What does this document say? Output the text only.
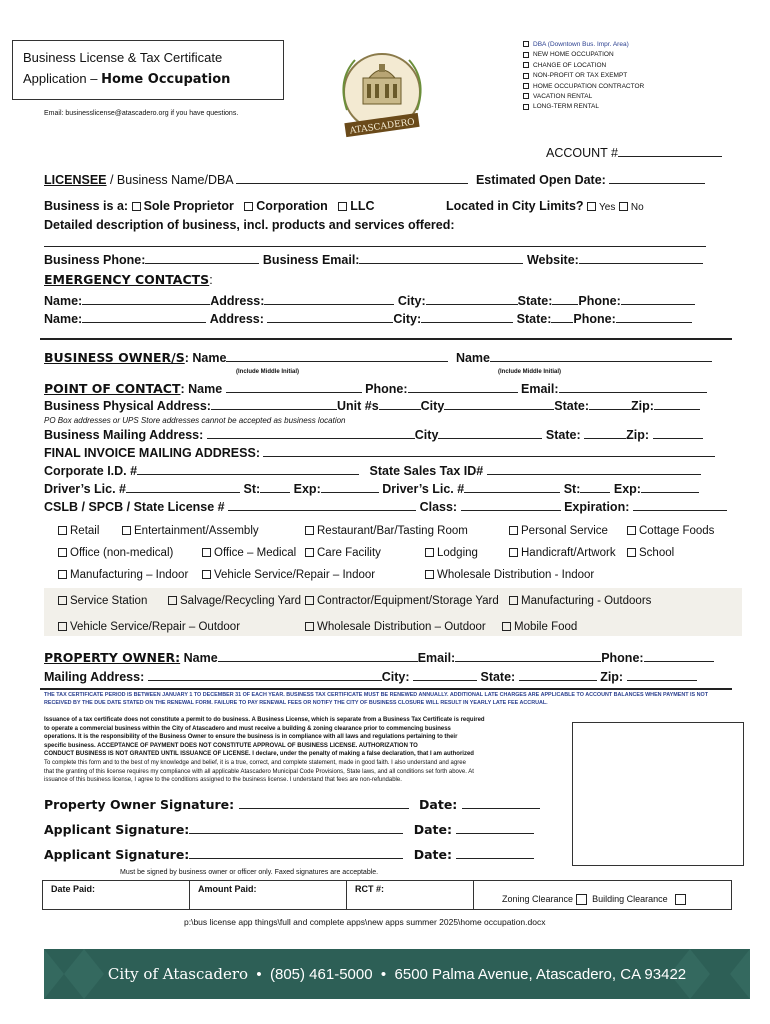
Business License & Tax Certificate
Application – Home Occupation
Email: businesslicense@atascadero.org if you have questions.
ATASCADERO
DBA (Downtown Bus. Impr. Area)
NEW HOME OCCUPATION
CHANGE OF LOCATION
NON-PROFIT OR TAX EXEMPT
HOME OCCUPATION CONTRACTOR
VACATION RENTAL
LONG-TERM RENTAL
ACCOUNT #
LICENSEE / Business Name/DBA	Estimated Open Date:
Business is a: Sole Proprietor Corporation LLC	Located in City Limits? Yes No
Detailed description of business, incl. products and services offered:
Business Phone:	Business Email:	Website:
EMERGENCY CONTACTS:
Name:	Address:	City:	State: Phone:
Name:	Address:	City:	State: Phone:
BUSINESS OWNER/S: Name	Name
(Include Middle Initial)	(Include Middle Initial)
POINT OF CONTACT: Name	Phone:	Email:
Business Physical Address:	Unit #s	City	State:	Zip:
PO Box addresses or UPS Store addresses cannot be accepted as business location
Business Mailing Address:	City	State:	Zip:
FINAL INVOICE MAILING ADDRESS:
Corporate I.D. #	State Sales Tax ID#
Driver’s Lic. #	St:	Exp:	Driver’s Lic. #	St:	Exp:
CSLB / SPCB / State License #	Class:	Expiration:
Retail	Entertainment/Assembly	Restaurant/Bar/Tasting Room	Personal Service	Cottage Foods
Office (non-medical)	Office – Medical	Care Facility	Lodging	Handicraft/Artwork	School
Manufacturing – Indoor	Vehicle Service/Repair – Indoor	Wholesale Distribution - Indoor
Service Station	Salvage/Recycling Yard	Contractor/Equipment/Storage Yard	Manufacturing - Outdoors
Vehicle Service/Repair – Outdoor	Wholesale Distribution – Outdoor	Mobile Food
PROPERTY OWNER: Name	Email:	Phone:
Mailing Address:	City:	State:	Zip:
THE TAX CERTIFICATE PERIOD IS BETWEEN JANUARY 1 TO DECEMBER 31 OF EACH YEAR. BUSINESS TAX CERTIFICATE MUST BE RENEWED ANNUALLY. ADDITIONAL LATE CHARGES ARE APPLICABLE TO ACCOUNT BALANCES WHEN PAYMENT IS NOT RECEIVED BY THE DUE DATE STATED ON THE RENEWAL FORM. FAILURE TO PAY RENEWAL FEES OR NOTIFY THE CITY OF BUSINESS CLOSURE WILL RESULT IN YEARLY LATE FEE ACCRUAL.
Issuance of a tax certificate does not constitute a permit to do business. A Business License, which is separate from a Business Tax Certificate is required
to operate a commercial business within the City of Atascadero and must receive a building & zoning clearance prior to commencing business
operations. It is the responsibility of the Business Owner to ensure the business is in compliance with all laws and regulations pertaining to their
specific business. ACCEPTANCE OF PAYMENT DOES NOT CONSTITUTE APPROVAL OF BUSINESS LICENSE. AUTHORIZATION TO
CONDUCT BUSINESS IS NOT GRANTED UNTIL ISSUANCE OF LICENSE. I declare, under the penalty of making a false declaration, that I am authorized
To complete this form and to the best of my knowledge and belief, it is a true, correct, and complete statement, made in good faith. I also understand and agree
that the granting of this license requires my compliance with all applicable Atascadero Municipal Code Provisions, State laws, and all conditions set forth above. At
issuance of this business license, I agree to the conditions assigned to the business license. I understand that fees are non-refundable.
Property Owner Signature:	Date:
Applicant Signature:	Date:
Applicant Signature:	Date:
Must be signed by business owner or officer only. Faxed signatures are acceptable.
Date Paid:	Amount Paid:	RCT #:	Zoning Clearance Building Clearance
p:\bus license app things\full and complete apps\new apps summer 2025\home occupation.docx
City of Atascadero • (805) 461-5000 • 6500 Palma Avenue, Atascadero, CA 93422
